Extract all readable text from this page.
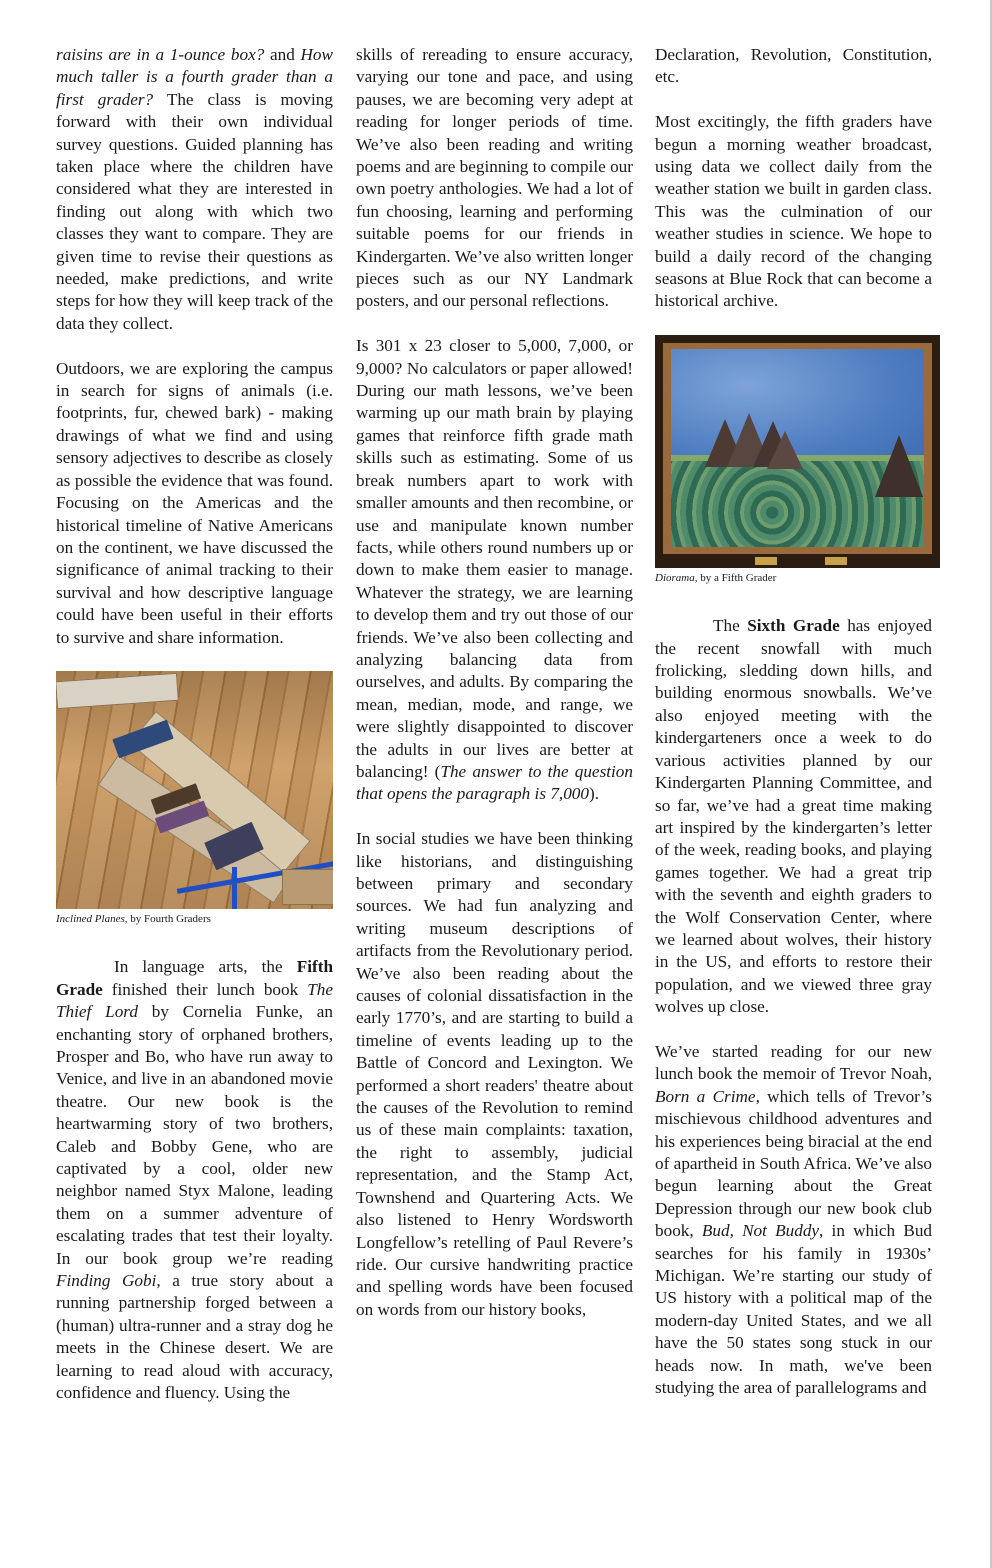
raisins are in a 1-ounce box? and How much taller is a fourth grader than a first grader? The class is moving forward with their own individual survey questions. Guided planning has taken place where the children have considered what they are interested in finding out along with which two classes they want to compare. They are given time to revise their questions as needed, make predictions, and write steps for how they will keep track of the data they collect.

Outdoors, we are exploring the campus in search for signs of animals (i.e. footprints, fur, chewed bark) - making drawings of what we find and using sensory adjectives to describe as closely as possible the evidence that was found. Focusing on the Americas and the historical timeline of Native Americans on the continent, we have discussed the significance of animal tracking to their survival and how descriptive language could have been useful in their efforts to survive and share information.

Inclined Planes, by Fourth Graders

In language arts, the Fifth Grade finished their lunch book The Thief Lord by Cornelia Funke, an enchanting story of orphaned brothers, Prosper and Bo, who have run away to Venice, and live in an abandoned movie theatre. Our new book is the heartwarming story of two brothers, Caleb and Bobby Gene, who are captivated by a cool, older new neighbor named Styx Malone, leading them on a summer adventure of escalating trades that test their loyalty. In our book group we’re reading Finding Gobi, a true story about a running partnership forged between a (human) ultra-runner and a stray dog he meets in the Chinese desert. We are learning to read aloud with accuracy, confidence and fluency. Using the

skills of rereading to ensure accuracy, varying our tone and pace, and using pauses, we are becoming very adept at reading for longer periods of time. We’ve also been reading and writing poems and are beginning to compile our own poetry anthologies. We had a lot of fun choosing, learning and performing suitable poems for our friends in Kindergarten. We’ve also written longer pieces such as our NY Landmark posters, and our personal reflections.

Is 301 x 23 closer to 5,000, 7,000, or 9,000? No calculators or paper allowed! During our math lessons, we’ve been warming up our math brain by playing games that reinforce fifth grade math skills such as estimating. Some of us break numbers apart to work with smaller amounts and then recombine, or use and manipulate known number facts, while others round numbers up or down to make them easier to manage. Whatever the strategy, we are learning to develop them and try out those of our friends. We’ve also been collecting and analyzing balancing data from ourselves, and adults. By comparing the mean, median, mode, and range, we were slightly disappointed to discover the adults in our lives are better at balancing! (The answer to the question that opens the paragraph is 7,000).

In social studies we have been thinking like historians, and distinguishing between primary and secondary sources. We had fun analyzing and writing museum descriptions of artifacts from the Revolutionary period. We’ve also been reading about the causes of colonial dissatisfaction in the early 1770’s, and are starting to build a timeline of events leading up to the Battle of Concord and Lexington. We performed a short readers' theatre about the causes of the Revolution to remind us of these main complaints: taxation, the right to assembly, judicial representation, and the Stamp Act, Townshend and Quartering Acts. We also listened to Henry Wordsworth Longfellow’s retelling of Paul Revere’s ride. Our cursive handwriting practice and spelling words have been focused on words from our history books,

Declaration, Revolution, Constitution, etc.

Most excitingly, the fifth graders have begun a morning weather broadcast, using data we collect daily from the weather station we built in garden class. This was the culmination of our weather studies in science. We hope to build a daily record of the changing seasons at Blue Rock that can become a historical archive.

Diorama, by a Fifth Grader

The Sixth Grade has enjoyed the recent snowfall with much frolicking, sledding down hills, and building enormous snowballs. We’ve also enjoyed meeting with the kindergarteners once a week to do various activities planned by our Kindergarten Planning Committee, and so far, we’ve had a great time making art inspired by the kindergarten’s letter of the week, reading books, and playing games together. We had a great trip with the seventh and eighth graders to the Wolf Conservation Center, where we learned about wolves, their history in the US, and efforts to restore their population, and we viewed three gray wolves up close.

We’ve started reading for our new lunch book the memoir of Trevor Noah, Born a Crime, which tells of Trevor’s mischievous childhood adventures and his experiences being biracial at the end of apartheid in South Africa. We’ve also begun learning about the Great Depression through our new book club book, Bud, Not Buddy, in which Bud searches for his family in 1930s’ Michigan. We’re starting our study of US history with a political map of the modern-day United States, and we all have the 50 states song stuck in our heads now. In math, we've been studying the area of parallelograms and
